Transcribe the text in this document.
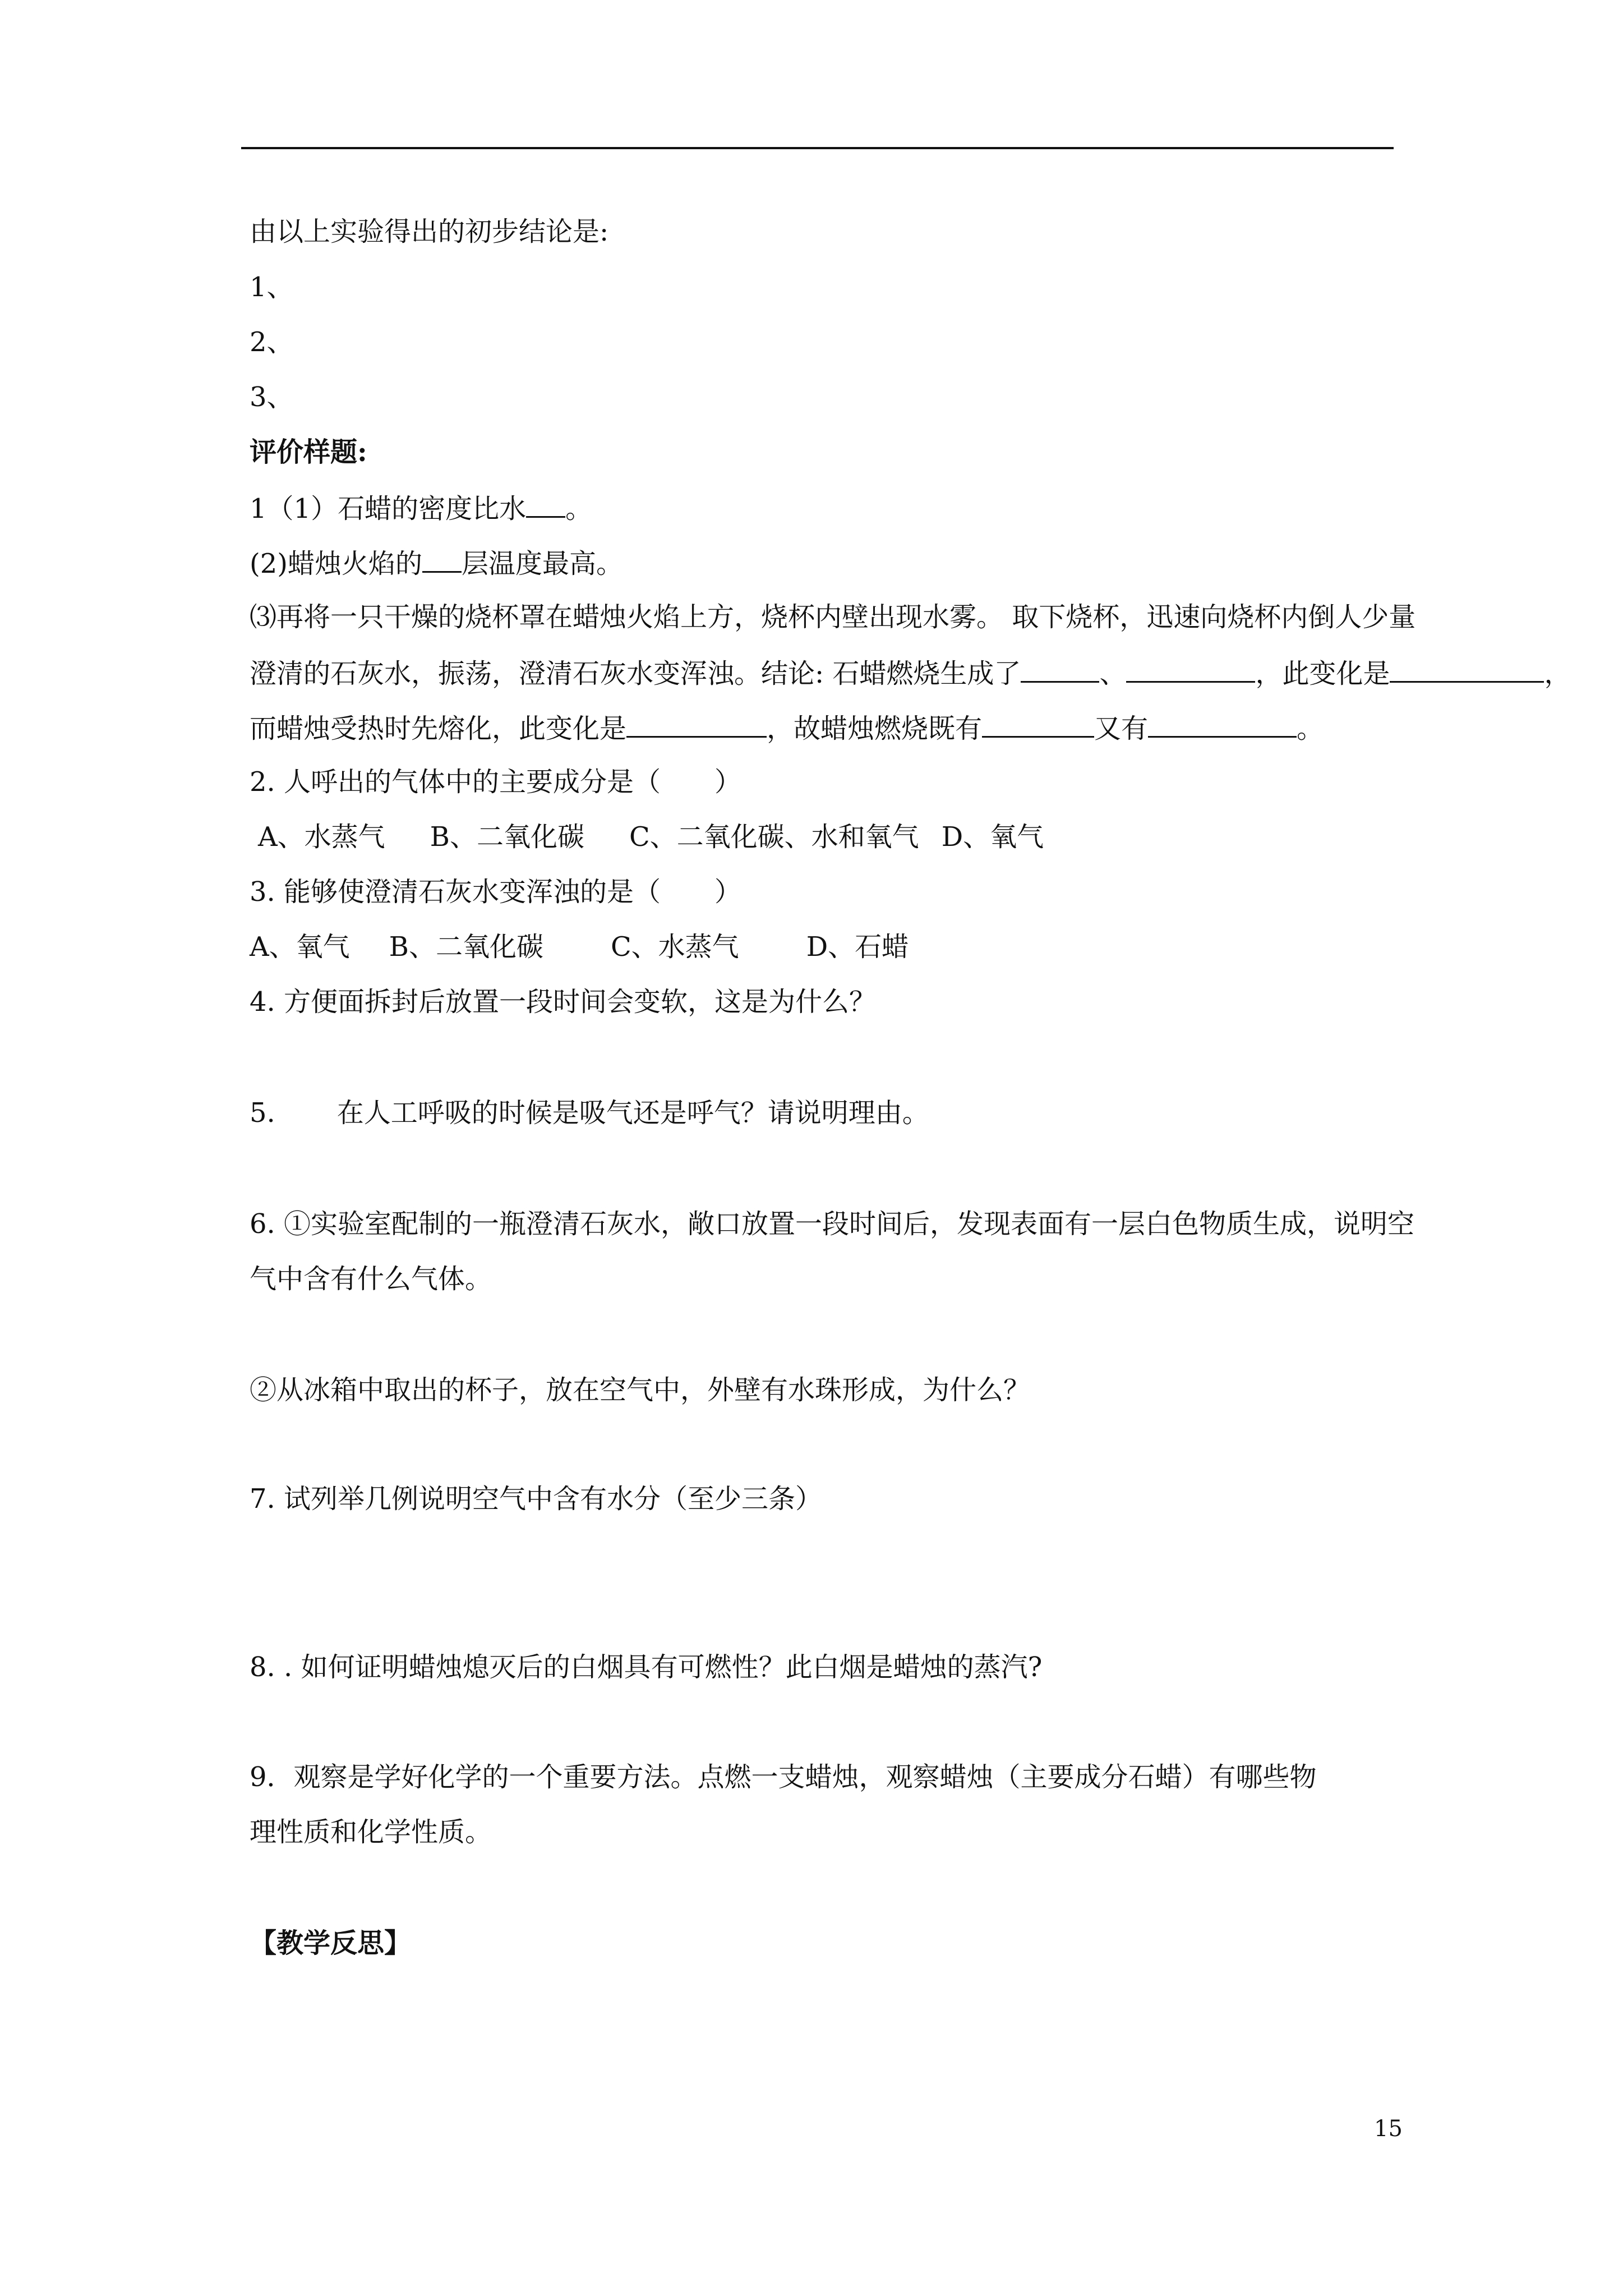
由以上实验得出的初步结论是:
1、
2、
3、
评价样题:
1（1）石蜡的密度比水 。
(2)蜡烛火焰的 层温度最高。
⑶再将一只干燥的烧杯罩在蜡烛火焰上方，烧杯内壁出现水雾。 取下烧杯，迅速向烧杯内倒人少量
澄清的石灰水，振荡，澄清石灰水变浑浊。结论: 石蜡燃烧生成了	、	，此变化是	，
而蜡烛受热时先熔化，此变化是	，故蜡烛燃烧既有	又有	。
2. 人呼出的气体中的主要成分是（　　）
A、水蒸气 B、二氧化碳 C、二氧化碳、水和氧气 D、氧气
3. 能够使澄清石灰水变浑浊的是（　　）
A、氧气 B、二氧化碳	C、水蒸气	D、石蜡
4. 方便面拆封后放置一段时间会变软，这是为什么？
5. 在人工呼吸的时候是吸气还是呼气？请说明理由。
6. ①实验室配制的一瓶澄清石灰水，敞口放置一段时间后，发现表面有一层白色物质生成，说明空
气中含有什么气体。
②从冰箱中取出的杯子，放在空气中，外壁有水珠形成，为什么？
7. 试列举几例说明空气中含有水分（至少三条）
8. . 如何证明蜡烛熄灭后的白烟具有可燃性？此白烟是蜡烛的蒸汽?
9．观察是学好化学的一个重要方法。点燃一支蜡烛，观察蜡烛（主要成分石蜡）有哪些物
理性质和化学性质。
【教学反思】
15
